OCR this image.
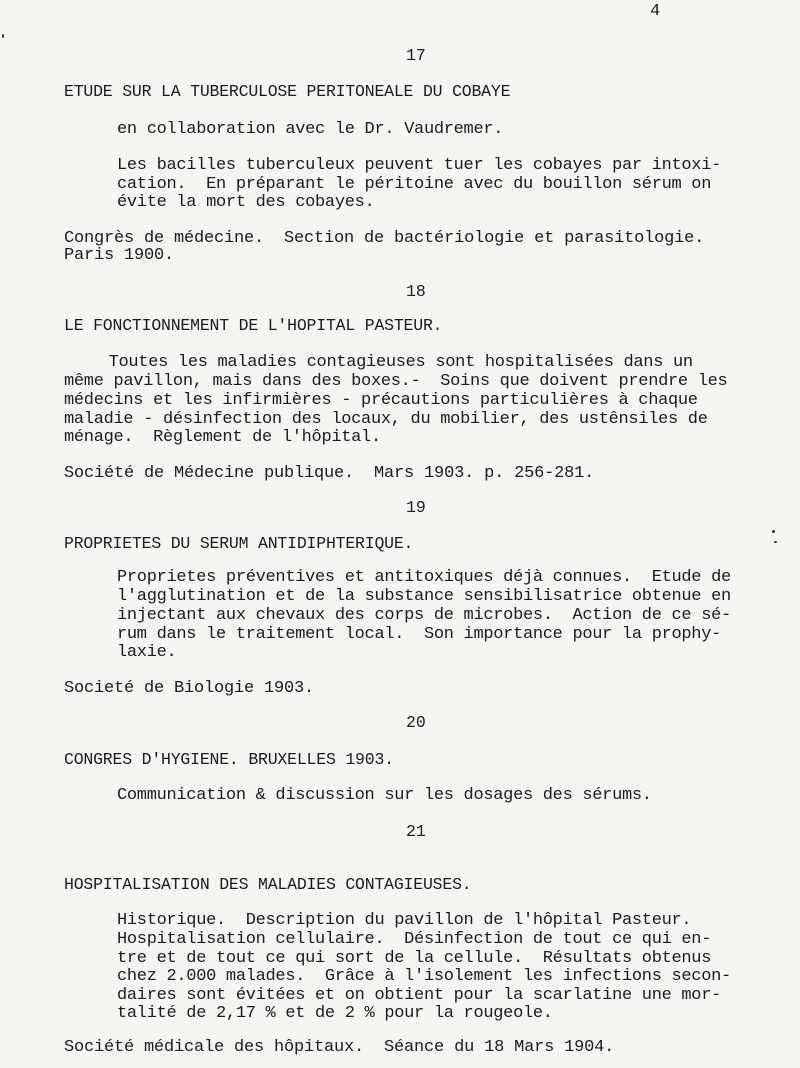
4
17
ETUDE SUR LA TUBERCULOSE PERITONEALE DU COBAYE
en collaboration avec le Dr. Vaudremer.
Les bacilles tuberculeux peuvent tuer les cobayes par intoxi-
cation.  En préparant le péritoine avec du bouillon sérum on
évite la mort des cobayes.
Congrès de médecine.  Section de bactériologie et parasitologie.
Paris 1900.
18
LE FONCTIONNEMENT DE L'HOPITAL PASTEUR.
Toutes les maladies contagieuses sont hospitalisées dans un
même pavillon, mais dans des boxes.-  Soins que doivent prendre les
médecins et les infirmières - précautions particulières à chaque
maladie - désinfection des locaux, du mobilier, des ustênsiles de
ménage.  Règlement de l'hôpital.
Société de Médecine publique.  Mars 1903. p. 256-281.
19
PROPRIETES DU SERUM ANTIDIPHTERIQUE.
Proprietes préventives et antitoxiques déjà connues.  Etude de
l'agglutination et de la substance sensibilisatrice obtenue en
injectant aux chevaux des corps de microbes.  Action de ce sé-
rum dans le traitement local.  Son importance pour la prophy-
laxie.
Societé de Biologie 1903.
20
CONGRES D'HYGIENE. BRUXELLES 1903.
Communication & discussion sur les dosages des sérums.
21
HOSPITALISATION DES MALADIES CONTAGIEUSES.
Historique.  Description du pavillon de l'hôpital Pasteur.
Hospitalisation cellulaire.  Désinfection de tout ce qui en-
tre et de tout ce qui sort de la cellule.  Résultats obtenus
chez 2.000 malades.  Grâce à l'isolement les infections secon-
daires sont évitées et on obtient pour la scarlatine une mor-
talité de 2,17 % et de 2 % pour la rougeole.
Société médicale des hôpitaux.  Séance du 18 Mars 1904.
